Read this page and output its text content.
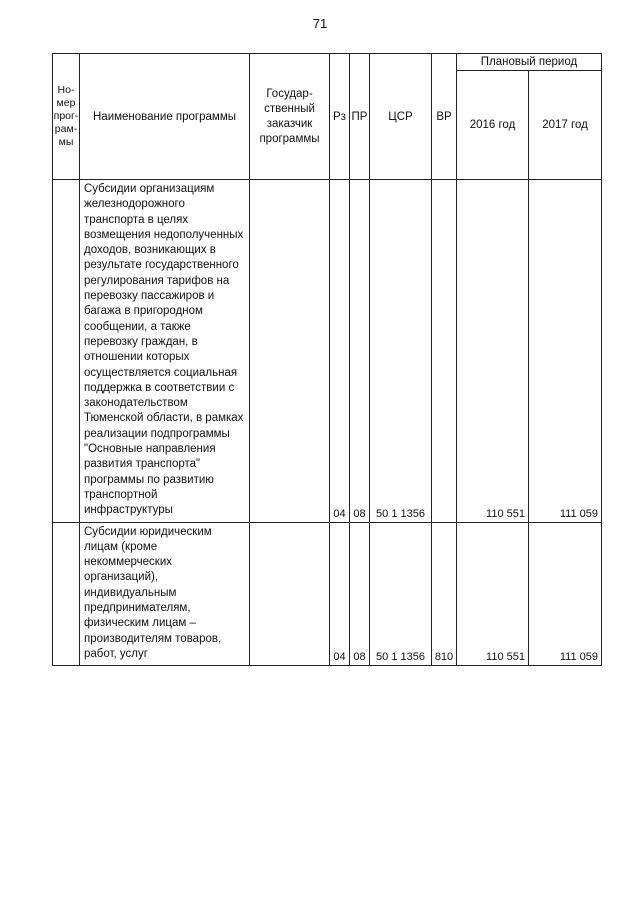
71
Но-мер прог-рам-мы	Наименование программы	Государ-ственный заказчик программы	Рз	ПР	ЦСР	ВР	Плановый период	
							2016 год	2017 год
	Субсидии организациям железнодорожного транспорта в целях возмещения недополученных доходов, возникающих в результате государственного регулирования тарифов на перевозку пассажиров и багажа в пригородном сообщении, а также перевозку граждан, в отношении которых осуществляется социальная поддержка в соответствии с законодательством Тюменской области, в рамках реализации подпрограммы "Основные направления развития транспорта" программы по развитию транспортной инфраструктуры		04	08	50 1 1356		110 551	111 059
	Субсидии юридическим лицам (кроме некоммерческих организаций), индивидуальным предпринимателям, физическим лицам – производителям товаров, работ, услуг		04	08	50 1 1356	810	110 551	111 059
